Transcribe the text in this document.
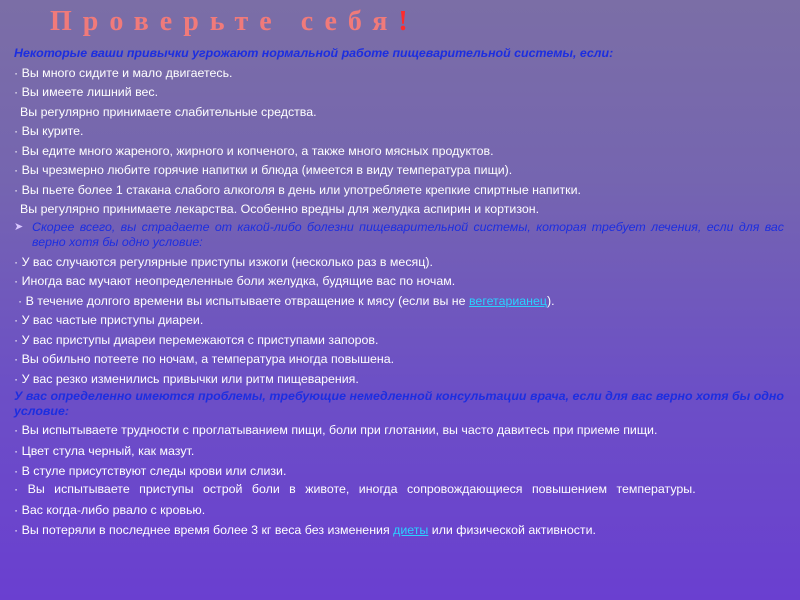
Проверьте себя!
Некоторые ваши привычки угрожают нормальной работе пищеварительной системы, если:
· Вы много сидите и мало двигаетесь.
· Вы имеете лишний вес.
Вы регулярно принимаете слабительные средства.
· Вы курите.
· Вы едите много жареного, жирного и копченого, а также много мясных продуктов.
· Вы чрезмерно любите горячие напитки и блюда (имеется в виду температура пищи).
· Вы пьете более 1 стакана слабого алкоголя в день или употребляете крепкие спиртные напитки.
Вы регулярно принимаете лекарства. Особенно вредны для желудка аспирин и кортизон.
➤ Скорее всего, вы страдаете от какой-либо болезни пищеварительной системы, которая требует лечения, если для вас верно хотя бы одно условие:
· У вас случаются регулярные приступы изжоги (несколько раз в месяц).
· Иногда вас мучают неопределенные боли желудка, будящие вас по ночам.
· В течение долгого времени вы испытываете отвращение к мясу (если вы не вегетарианец).
· У вас частые приступы диареи.
· У вас приступы диареи перемежаются с приступами запоров.
· Вы обильно потеете по ночам, а температура иногда повышена.
· У вас резко изменились привычки или ритм пищеварения.
У вас определенно имеются проблемы, требующие немедленной консультации врача, если для вас верно хотя бы одно условие:
· Вы испытываете трудности с проглатыванием пищи, боли при глотании, вы часто давитесь при приеме пищи.
· Цвет стула черный, как мазут.
· В стуле присутствуют следы крови или слизи.
· Вы испытываете приступы острой боли в животе, иногда сопровождающиеся повышением температуры.
· Вас когда-либо рвало с кровью.
· Вы потеряли в последнее время более 3 кг веса без изменения диеты или физической активности.
